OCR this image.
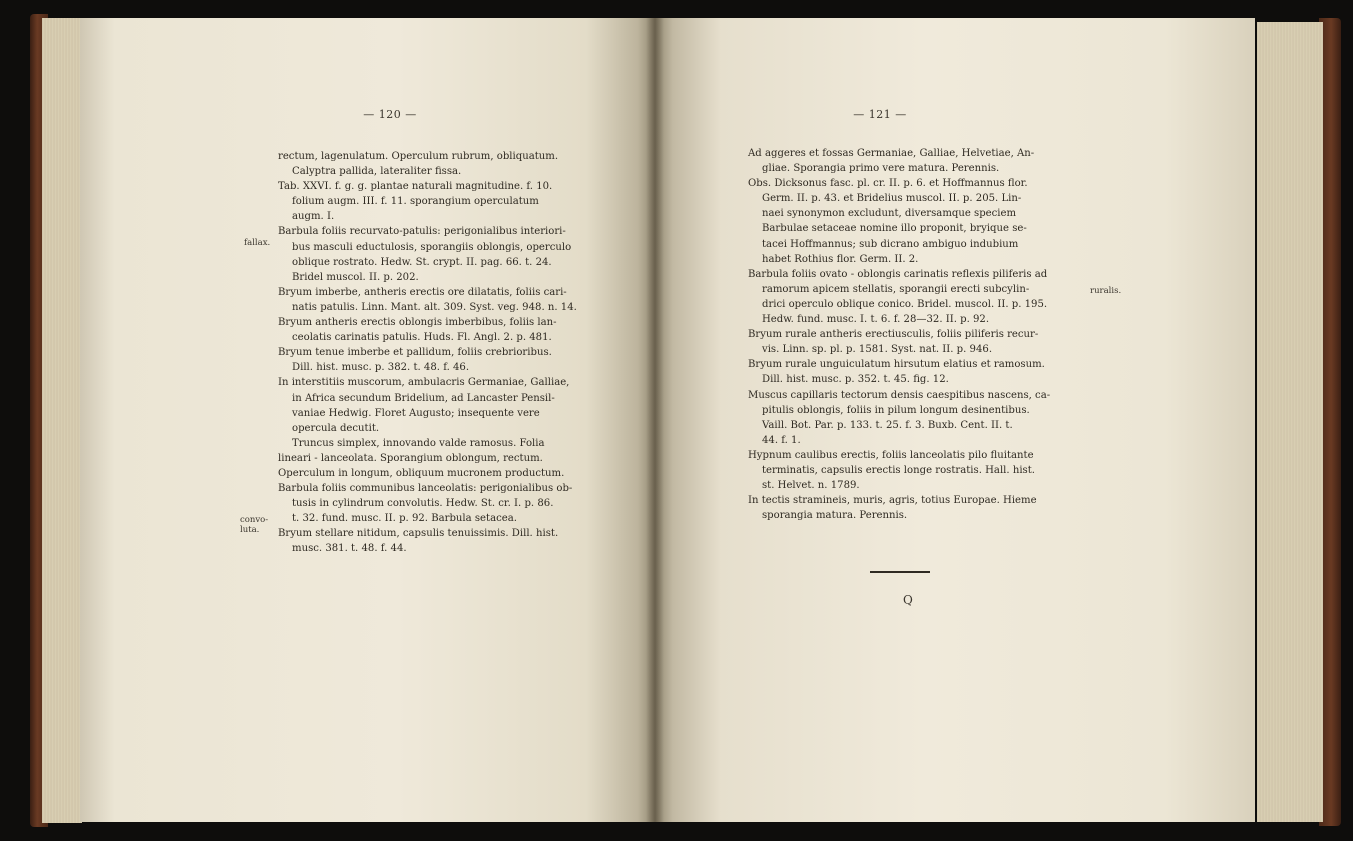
— 120 —	— 121 —
fallax.
convo-luta.
ruralis.

rectum, lagenulatum. Operculum rubrum, obliquatum.

Calyptra pallida, lateraliter fissa.

Tab. XXVI. f. g. g. plantae naturali magnitudine. f. 10.

folium augm. III. f. 11. sporangium operculatum

augm. I.

Barbula foliis recurvato-patulis: perigonialibus interiori-

bus masculi eductulosis, sporangiis oblongis, operculo

oblique rostrato. Hedw. St. crypt. II. pag. 66. t. 24.

Bridel muscol. II. p. 202.

Bryum imberbe, antheris erectis ore dilatatis, foliis cari-

natis patulis. Linn. Mant. alt. 309. Syst. veg. 948. n. 14.

Bryum antheris erectis oblongis imberbibus, foliis lan-

ceolatis carinatis patulis. Huds. Fl. Angl. 2. p. 481.

Bryum tenue imberbe et pallidum, foliis crebrioribus.

Dill. hist. musc. p. 382. t. 48. f. 46.

In interstitiis muscorum, ambulacris Germaniae, Galliae,

in Africa secundum Bridelium, ad Lancaster Pensil-

vaniae Hedwig. Floret Augusto; insequente vere

opercula decutit.

Truncus simplex, innovando valde ramosus. Folia

lineari - lanceolata. Sporangium oblongum, rectum.

Operculum in longum, obliquum mucronem productum.

Barbula foliis communibus lanceolatis: perigonialibus ob-

tusis in cylindrum convolutis. Hedw. St. cr. I. p. 86.

t. 32. fund. musc. II. p. 92. Barbula setacea.

Bryum stellare nitidum, capsulis tenuissimis. Dill. hist.

musc. 381. t. 48. f. 44.

Ad aggeres et fossas Germaniae, Galliae, Helvetiae, An-

gliae. Sporangia primo vere matura. Perennis.

Obs. Dicksonus fasc. pl. cr. II. p. 6. et Hoffmannus flor.

Germ. II. p. 43. et Bridelius muscol. II. p. 205. Lin-

naei synonymon excludunt, diversamque speciem

Barbulae setaceae nomine illo proponit, bryique se-

tacei Hoffmannus; sub dicrano ambiguo indubium

habet Rothius flor. Germ. II. 2.

Barbula foliis ovato - oblongis carinatis reflexis piliferis ad

ramorum apicem stellatis, sporangii erecti subcylin-

drici operculo oblique conico. Bridel. muscol. II. p. 195.

Hedw. fund. musc. I. t. 6. f. 28—32. II. p. 92.

Bryum rurale antheris erectiusculis, foliis piliferis recur-

vis. Linn. sp. pl. p. 1581. Syst. nat. II. p. 946.

Bryum rurale unguiculatum hirsutum elatius et ramosum.

Dill. hist. musc. p. 352. t. 45. fig. 12.

Muscus capillaris tectorum densis caespitibus nascens, ca-

pitulis oblongis, foliis in pilum longum desinentibus.

Vaill. Bot. Par. p. 133. t. 25. f. 3. Buxb. Cent. II. t.

44. f. 1.

Hypnum caulibus erectis, foliis lanceolatis pilo fluitante

terminatis, capsulis erectis longe rostratis. Hall. hist.

st. Helvet. n. 1789.

In tectis stramineis, muris, agris, totius Europae. Hieme

sporangia matura. Perennis.

Q
